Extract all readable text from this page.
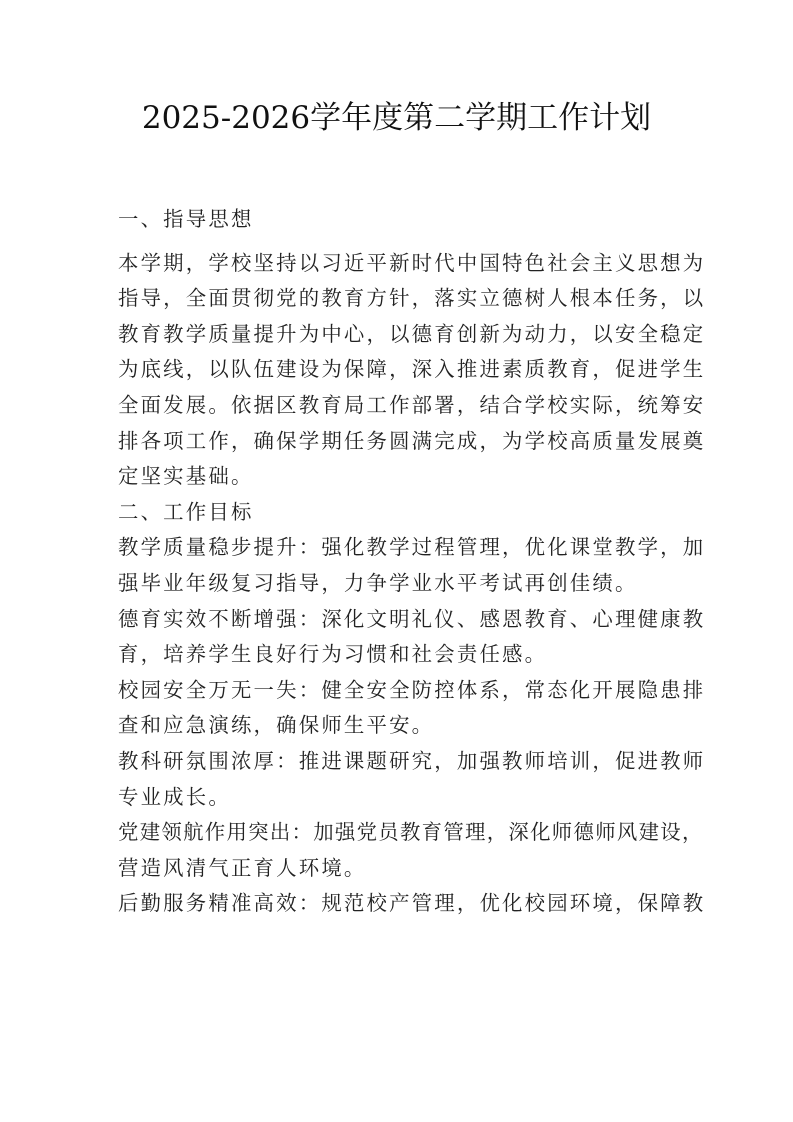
2025-2026学年度第二学期工作计划
一、指导思想
本学期，学校坚持以习近平新时代中国特色社会主义思想为
指导，全面贯彻党的教育方针，落实立德树人根本任务，以
教育教学质量提升为中心，以德育创新为动力，以安全稳定
为底线，以队伍建设为保障，深入推进素质教育，促进学生
全面发展。依据区教育局工作部署，结合学校实际，统筹安
排各项工作，确保学期任务圆满完成，为学校高质量发展奠
定坚实基础。
二、工作目标
教学质量稳步提升：强化教学过程管理，优化课堂教学，加
强毕业年级复习指导，力争学业水平考试再创佳绩。
德育实效不断增强：深化文明礼仪、感恩教育、心理健康教
育，培养学生良好行为习惯和社会责任感。
校园安全万无一失：健全安全防控体系，常态化开展隐患排
查和应急演练，确保师生平安。
教科研氛围浓厚：推进课题研究，加强教师培训，促进教师
专业成长。
党建领航作用突出：加强党员教育管理，深化师德师风建设，
营造风清气正育人环境。
后勤服务精准高效：规范校产管理，优化校园环境，保障教
